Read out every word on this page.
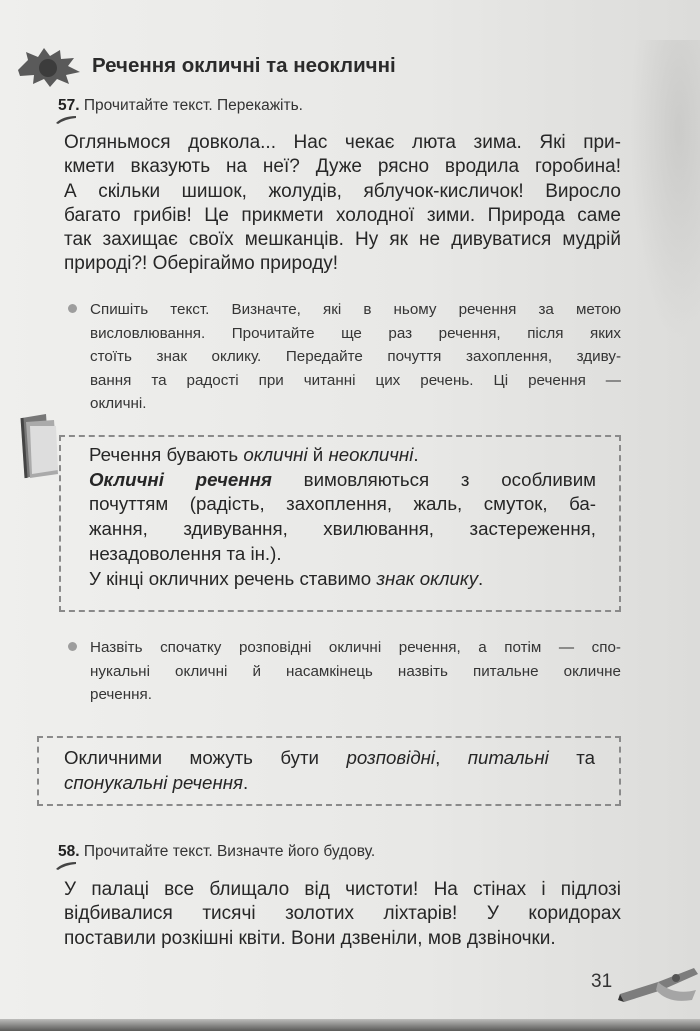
Речення окличні та неокличні
57. Прочитайте текст. Перекажіть.
Огляньмося довкола... Нас чекає люта зима. Які при-
кмети вказують на неї? Дуже рясно вродила горобина!
А скільки шишок, жолудів, яблучок-кисличок! Виросло
багато грибів! Це прикмети холодної зими. Природа саме
так захищає своїх мешканців. Ну як не дивуватися мудрій
природі?! Оберігаймо природу!
Спишіть текст. Визначте, які в ньому речення за метою
висловлювання. Прочитайте ще раз речення, після яких
стоїть знак оклику. Передайте почуття захоплення, здиву-
вання та радості при читанні цих речень. Ці речення —
окличні.
Речення бувають окличні й неокличні.
Окличні речення вимовляються з особливим
почуттям (радість, захоплення, жаль, смуток, ба-
жання, здивування, хвилювання, застереження,
незадоволення та ін.).
У кінці окличних речень ставимо знак оклику.
Назвіть спочатку розповідні окличні речення, а потім — спо-
нукальні окличні й насамкінець назвіть питальне окличне
речення.
Окличними можуть бути розповідні, питальні та
спонукальні речення.
58. Прочитайте текст. Визначте його будову.
У палаці все блищало від чистоти! На стінах і підлозі
відбивалися тисячі золотих ліхтарів! У коридорах
поставили розкішні квіти. Вони дзвеніли, мов дзвіночки.
31
